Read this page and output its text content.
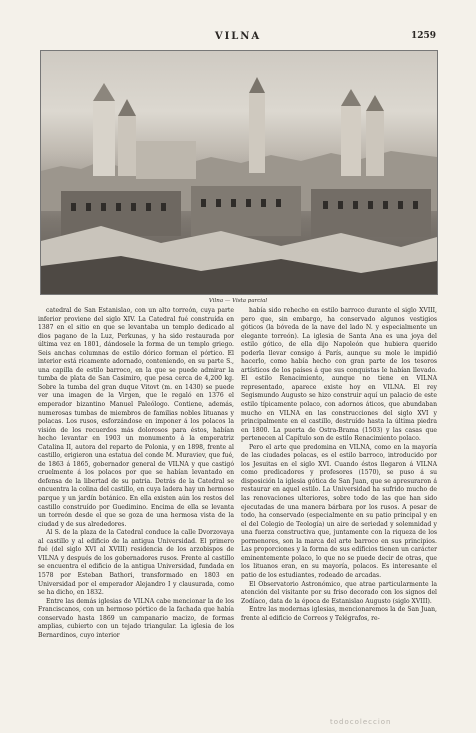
VILNA	1259
Vilna — Vista parcial

catedral de San Estanislao, con un alto torreón, cuya parte inferior proviene del siglo XIV. La Catedral fué construída en 1387 en el sitio en que se levantaba un templo dedicado al dios pagano de la Luz, Perkunas, y ha sido restaurada por última vez en 1801, dándosele la forma de un templo griego. Seis anchas columnas de estilo dórico forman el pórtico. El interior está ricamente adornado, conteniendo, en su parte S., una capilla de estilo barroco, en la que se puede admirar la tumba de plata de San Casimiro, que pesa cerca de 4,200 kg. Sobre la tumba del gran duque Vitovt (m. en 1430) se puede ver una imagen de la Virgen, que le regaló en 1376 el emperador bizantino Manuel Paleólogo. Contiene, además, numerosas tumbas de miembros de familias nobles lituanas y polacas. Los rusos, esforzándose en imponer á los polacos la visión de los recuerdos más dolorosos para éstos, habían hecho levantar en 1903 un monumento á la emperatriz Catalina II, autora del reparto de Polonia, y en 1898, frente al castillo, erigieron una estatua del conde M. Muraviev, que fué, de 1863 á 1865, gobernador general de VILNA y que castigó cruelmente á los polacos por que se habían levantado en defensa de la libertad de su patria. Detrás de la Catedral se encuentra la colina del castillo, en cuya ladera hay un hermoso parque y un jardín botánico. En ella existen aún los restos del castillo construído por Guedimino. Encima de ella se levanta un torreón desde el que se goza de una hermosa vista de la ciudad y de sus alrededores.

Al S. de la plaza de la Catedral conduce la calle Dvorzovaya al castillo y al edificio de la antigua Universidad. El primero fué (del siglo XVI al XVIII) residencia de los arzobispos de VILNA y después de los gobernadores rusos. Frente al castillo se encuentra el edificio de la antigua Universidad, fundada en 1578 por Esteban Bathori, transformado en 1803 en Universidad por el emperador Alejandro I y clausurada, como se ha dicho, en 1832.

Entre las demás iglesias de VILNA cabe mencionar la de los Franciscanos, con un hermoso pórtico de la fachada que había conservado hasta 1869 un campanario macizo, de formas amplias, cubierto con un tejado triangular. La iglesia de los Bernardinos, cuyo interior

había sido rehecho en estilo barroco durante el siglo XVIII, pero que, sin embargo, ha conservado algunos vestigios góticos (la bóveda de la nave del lado N. y especialmente un elegante torreón). La iglesia de Santa Ana es una joya del estilo gótico, de ella dijo Napoleón que hubiera querido poderla llevar consigo á París, aunque su mole le impidió hacerlo, como había hecho con gran parte de los tesoros artísticos de los países á que sus conquistas le habían llevado. El estilo Renacimiento, aunque no tiene en VILNA representado, aparece existe hoy en VILNA. El rey Segismundo Augusto se hizo construir aquí un palacio de este estilo típicamente polaco, con adornos áticos, que abundaban mucho en VILNA en las construcciones del siglo XVI y principalmente en el castillo, destruído hasta la última piedra en 1800. La puerta de Ostra-Brama (1503) y las casas que pertenecen al Capítulo son de estilo Renacimiento polaco.

Pero el arte que predomina en VILNA, como en la mayoría de las ciudades polacas, es el estilo barroco, introducido por los Jesuitas en el siglo XVI. Cuando éstos llegaron á VILNA como predicadores y profesores (1570), se puso á su disposición la iglesia gótica de San Juan, que se apresuraron á restaurar en aquel estilo. La Universidad ha sufrido mucho de las renovaciones ulteriores, sobre todo de las que han sido ejecutadas de una manera bárbara por los rusos. A pesar de todo, ha conservado (especialmente en su patio principal y en el del Colegio de Teología) un aire de seriedad y solemnidad y una fuerza constructiva que, juntamente con la riqueza de los pormenores, son la marca del arte barroco en sus principios. Las proporciones y la forma de sus edificios tienen un carácter eminentemente polaco, lo que no se puede decir de otras, que los lituanos eran, en su mayoría, polacos. Es interesante el patio de los estudiantes, rodeado de arcadas.

El Observatorio Astronómico, que atrae particularmente la atención del visitante por su friso decorado con los signos del Zodíaco, data de la época de Estanislao Augusto (siglo XVIII).

Entre las modernas iglesias, mencionaremos la de San Juan, frente al edificio de Correos y Telégrafos, re-

todocoleccion
